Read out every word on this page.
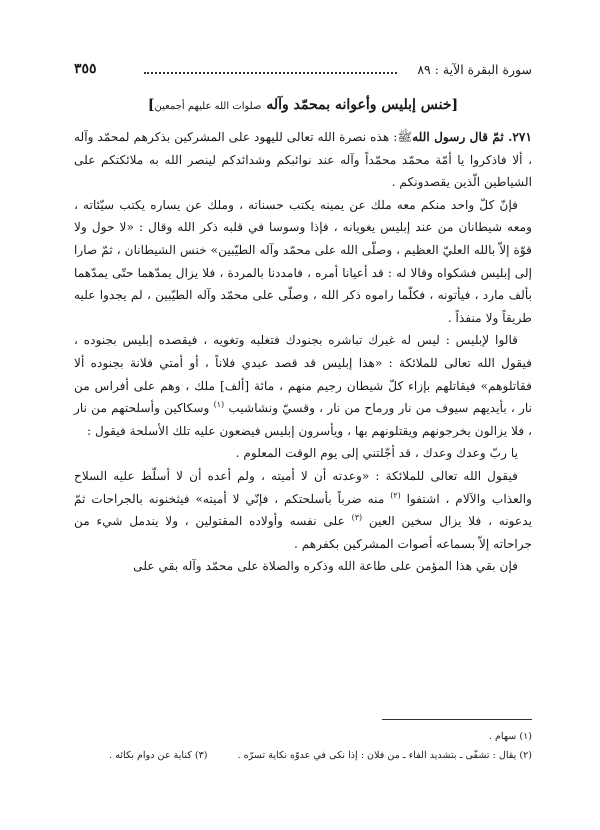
سورة البقرة الآية : ٨٩
٣٥٥
[خنس إبليس وأعوانه بمحمّد وآله صلوات الله عليهم أجمعين]

٢٧١. ثمّ قال رسول اللهﷺ: هذه نصرة الله تعالى لليهود على المشركين بذكرهم لمحمّد وآله ، ألا فاذكروا يا أمّة محمّد محمّداً وآله عند نوائبكم وشدائدكم لينصر الله به ملائكتكم على الشياطين الّذين يقصدونكم .

فإنّ كلّ واحد منكم معه ملك عن يمينه يكتب حسناته ، وملك عن يساره يكتب سيّئاته ، ومعه شيطانان من عند إبليس يغويانه ، فإذا وسوسا في قلبه ذكر الله وقال : «لا حول ولا قوّة إلاّ بالله العليّ العظيم ، وصلّى الله على محمّد وآله الطيّبين» خنس الشيطانان ، ثمّ صارا إلى إبليس فشكواه وقالا له : قد أعيانا أمره ، فامددنا بالمردة ، فلا يزال يمدّهما حتّى يمدّهما بألف مارد ، فيأتونه ، فكلّما راموه ذكر الله ، وصلّى على محمّد وآله الطيّبين ، لم يجدوا عليه طريقاً ولا منفذاً .

قالوا لإبليس : ليس له غيرك تباشره بجنودك فتغلبه وتغويه ، فيقصده إبليس بجنوده ، فيقول الله تعالى للملائكة : «هذا إبليس قد قصد عبدي فلاناً ، أو أمتي فلانة بجنوده ألا فقاتلوهم» فيقاتلهم بإزاء كلّ شيطان رجيم منهم ، مائة [ألف] ملك ، وهم على أفراس من نار ، بأيديهم سيوف من نار ورماح من نار ، وقسيّ ونشاشيب $^{(١)}$ وسكاكين وأسلحتهم من نار ، فلا يزالون يخرجونهم ويقتلونهم بها ، ويأسرون إبليس فيضعون عليه تلك الأسلحة فيقول :

يا ربّ وعدك وعدك ، قد أجّلتني إلى يوم الوقت المعلوم .

فيقول الله تعالى للملائكة : «وعدته أن لا أميته ، ولم أعده أن لا أسلّط عليه السلاح والعذاب والآلام ، اشتفوا $^{(٢)}$ منه ضرباً بأسلحتكم ، فإنّي لا أميته» فيثخنونه بالجراحات ثمّ يدعونه ، فلا يزال سخين العين $^{(٣)}$ على نفسه وأولاده المقتولين ، ولا يندمل شيء من جراحاته إلاّ بسماعه أصوات المشركين بكفرهم .

فإن بقي هذا المؤمن على طاعة الله وذكره والصلاة على محمّد وآله بقي على

(١) سهام .
(٢) يقال : تشفّى ـ بتشديد الفاء ـ من فلان : إذا نكى في عدوّه نكاية تسرّه .(٣) كناية عن دوام بكائه .
